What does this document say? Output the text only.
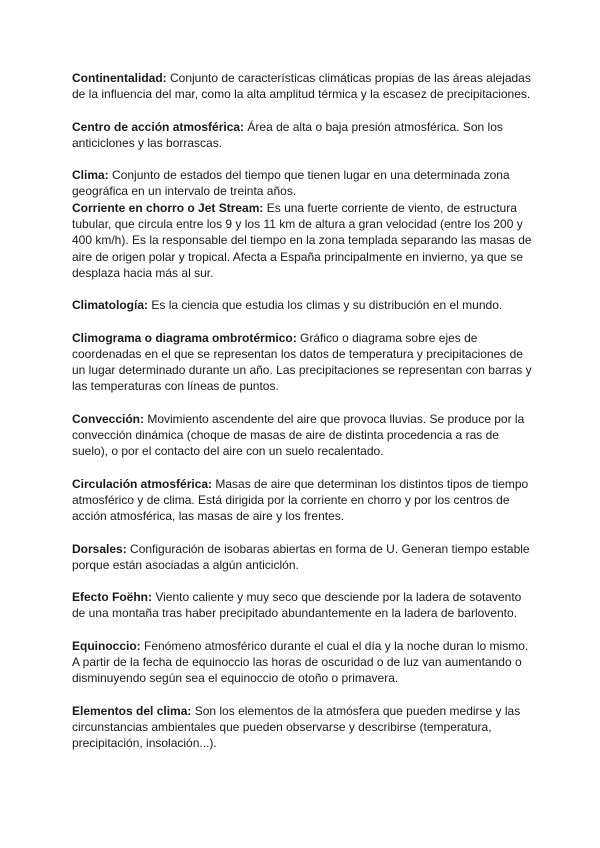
Continentalidad: Conjunto de características climáticas propias de las áreas alejadas de la influencia del mar, como la alta amplitud térmica y la escasez de precipitaciones.

Centro de acción atmosférica: Área de alta o baja presión atmosférica. Son los anticiclones y las borrascas.

Clima: Conjunto de estados del tiempo que tienen lugar en una determinada zona geográfica en un intervalo de treinta años.

Corriente en chorro o Jet Stream: Es una fuerte corriente de viento, de estructura tubular, que circula entre los 9 y los 11 km de altura a gran velocidad (entre los 200 y 400 km/h). Es la responsable del tiempo en la zona templada separando las masas de aire de origen polar y tropical. Afecta a España principalmente en invierno, ya que se desplaza hacia más al sur.

Climatología: Es la ciencia que estudia los climas y su distribución en el mundo.

Climograma o diagrama ombrotérmico: Gráfico o diagrama sobre ejes de coordenadas en el que se representan los datos de temperatura y precipitaciones de un lugar determinado durante un año. Las precipitaciones se representan con barras y las temperaturas con líneas de puntos.

Convección: Movimiento ascendente del aire que provoca lluvias. Se produce por la convección dinámica (choque de masas de aire de distinta procedencia a ras de suelo), o por el contacto del aire con un suelo recalentado.

Circulación atmosférica: Masas de aire que determinan los distintos tipos de tiempo atmosférico y de clima. Está dirigida por la corriente en chorro y por los centros de acción atmosférica, las masas de aire y los frentes.

Dorsales: Configuración de isobaras abiertas en forma de U. Generan tiempo estable porque están asociadas a algún anticiclón.

Efecto Foëhn: Viento caliente y muy seco que desciende por la ladera de sotavento de una montaña tras haber precipitado abundantemente en la ladera de barlovento.

Equinoccio: Fenómeno atmosférico durante el cual el día y la noche duran lo mismo. A partir de la fecha de equinoccio las horas de oscuridad o de luz van aumentando o disminuyendo según sea el equinoccio de otoño o primavera.

Elementos del clima: Son los elementos de la atmósfera que pueden medirse y las circunstancias ambientales que pueden observarse y describirse (temperatura, precipitación, insolación...).
